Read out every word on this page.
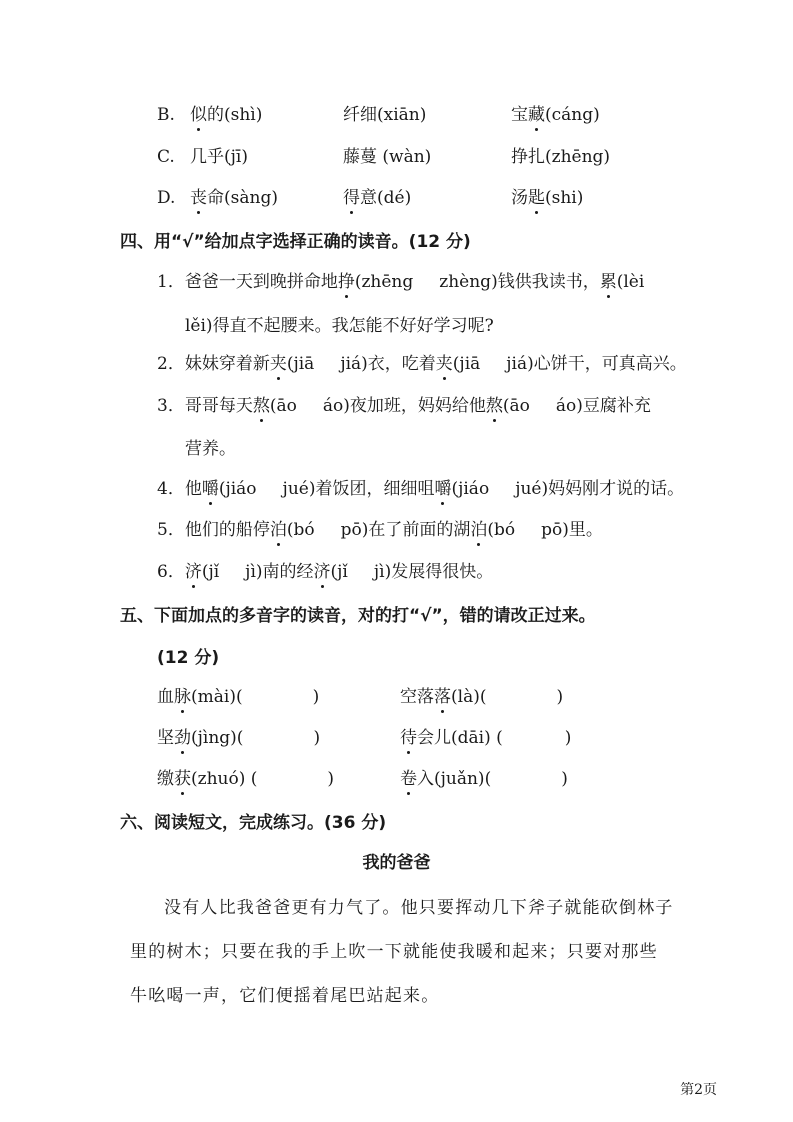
B. 似的(shì)	纤细(xiān)	宝藏(cáng)
C. 几乎(jī)	藤蔓 (wàn)	挣扎(zhēng)
D. 丧命(sàng)	得意(dé)	汤匙(shi)
四、用“√”给加点字选择正确的读音。(12 分)
1．爸爸一天到晚拼命地挣(zhēng zhèng)钱供我读书，累(lèi
lěi)得直不起腰来。我怎能不好好学习呢?
2．妹妹穿着新夹(jiā jiá)衣，吃着夹(jiā jiá)心饼干，可真高兴。
3．哥哥每天熬(āo áo)夜加班，妈妈给他熬(āo áo)豆腐补充
营养。
4．他嚼(jiáo jué)着饭团，细细咀嚼(jiáo jué)妈妈刚才说的话。
5．他们的船停泊(bó pō)在了前面的湖泊(bó pō)里。
6．济(jǐ jì)南的经济(jǐ jì)发展得很快。
五、下面加点的多音字的读音，对的打“√”，错的请改正过来。
(12 分)
血脉(mài)(	)	空落落(là)(	)
坚劲(jìng)(	)	待会儿(dāi) (	)
缴获(zhuó) (	)	卷入(juǎn)(	)
六、阅读短文，完成练习。(36 分)
我的爸爸
没有人比我爸爸更有力气了。他只要挥动几下斧子就能砍倒林子里的树木；只要在我的手上吹一下就能使我暖和起来；只要对那些牛吆喝一声，它们便摇着尾巴站起来。
第2页
